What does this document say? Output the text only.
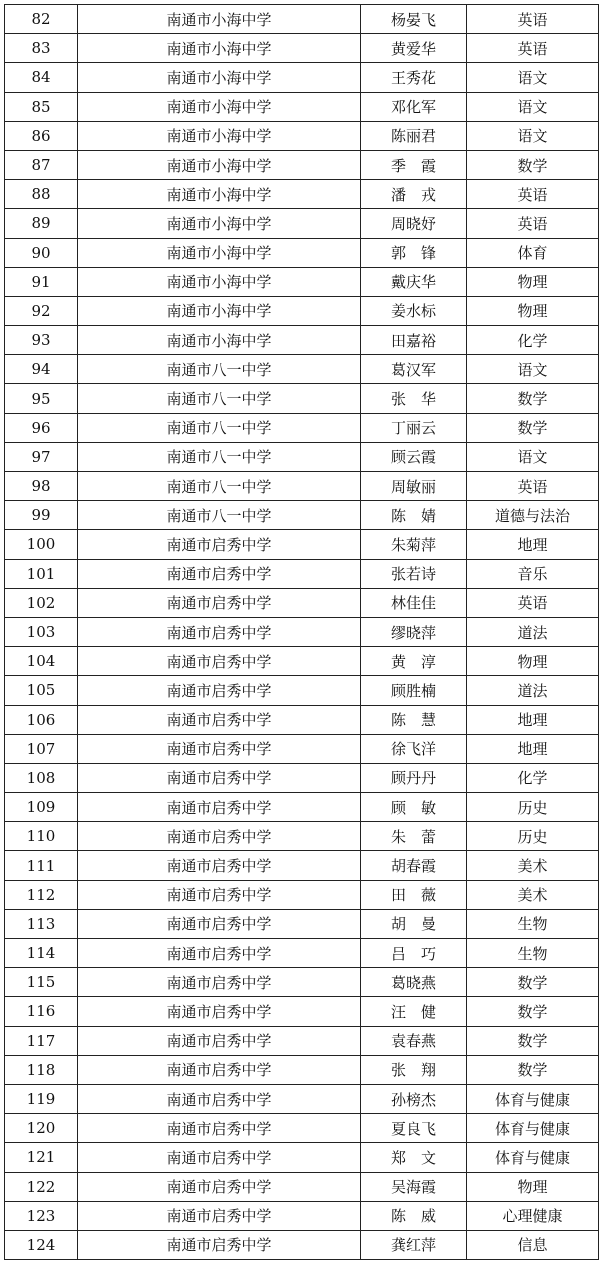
82	南通市小海中学	杨晏飞	英语
83	南通市小海中学	黄爱华	英语
84	南通市小海中学	王秀花	语文
85	南通市小海中学	邓化军	语文
86	南通市小海中学	陈丽君	语文
87	南通市小海中学	季　霞	数学
88	南通市小海中学	潘　戎	英语
89	南通市小海中学	周晓妤	英语
90	南通市小海中学	郭　锋	体育
91	南通市小海中学	戴庆华	物理
92	南通市小海中学	姜水标	物理
93	南通市小海中学	田嘉裕	化学
94	南通市八一中学	葛汉军	语文
95	南通市八一中学	张　华	数学
96	南通市八一中学	丁丽云	数学
97	南通市八一中学	顾云霞	语文
98	南通市八一中学	周敏丽	英语
99	南通市八一中学	陈　婧	道德与法治
100	南通市启秀中学	朱菊萍	地理
101	南通市启秀中学	张若诗	音乐
102	南通市启秀中学	林佳佳	英语
103	南通市启秀中学	缪晓萍	道法
104	南通市启秀中学	黄　淳	物理
105	南通市启秀中学	顾胜楠	道法
106	南通市启秀中学	陈　慧	地理
107	南通市启秀中学	徐飞洋	地理
108	南通市启秀中学	顾丹丹	化学
109	南通市启秀中学	顾　敏	历史
110	南通市启秀中学	朱　蕾	历史
111	南通市启秀中学	胡春霞	美术
112	南通市启秀中学	田　薇	美术
113	南通市启秀中学	胡　曼	生物
114	南通市启秀中学	吕　巧	生物
115	南通市启秀中学	葛晓燕	数学
116	南通市启秀中学	汪　健	数学
117	南通市启秀中学	袁春燕	数学
118	南通市启秀中学	张　翔	数学
119	南通市启秀中学	孙榜杰	体育与健康
120	南通市启秀中学	夏良飞	体育与健康
121	南通市启秀中学	郑　文	体育与健康
122	南通市启秀中学	吴海霞	物理
123	南通市启秀中学	陈　威	心理健康
124	南通市启秀中学	龚红萍	信息
